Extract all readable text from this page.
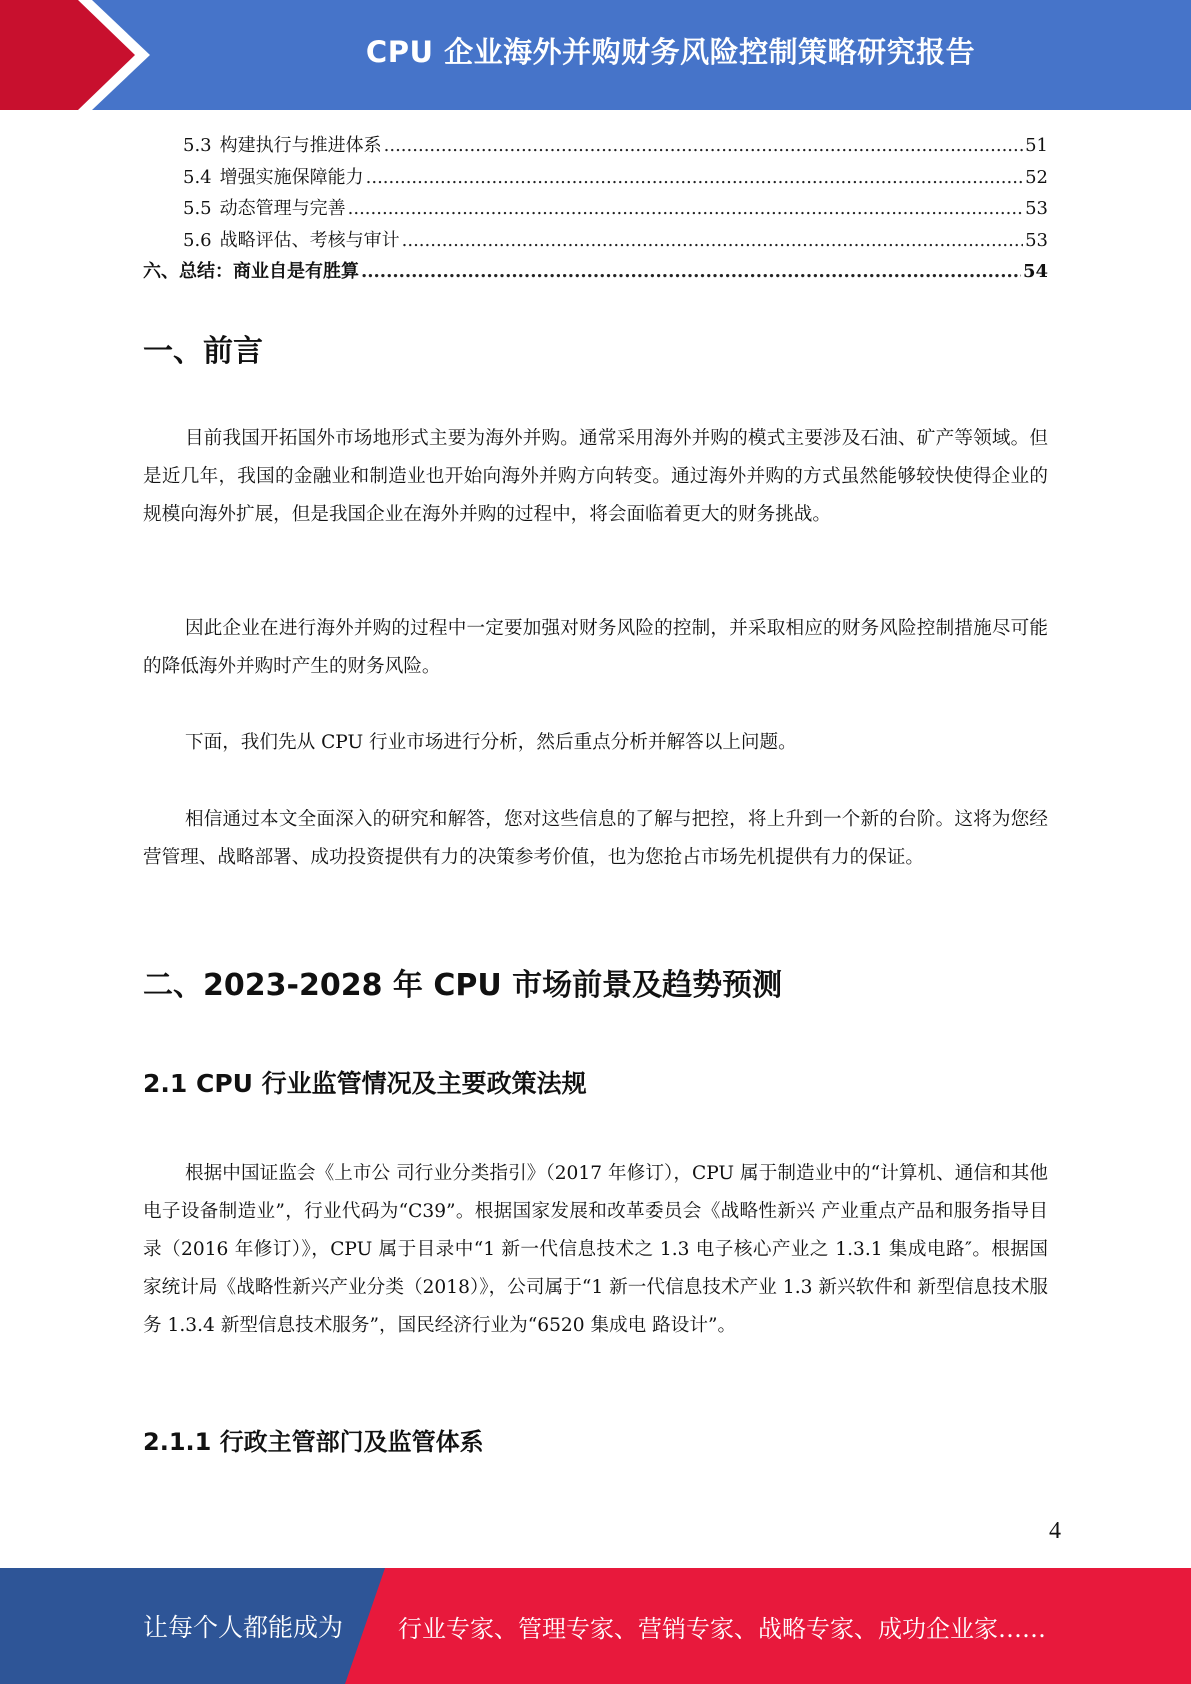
CPU 企业海外并购财务风险控制策略研究报告
5.3 构建执行与推进体系 .....	51
5.4 增强实施保障能力 .....	52
5.5 动态管理与完善 .....	53
5.6 战略评估、考核与审计 .....	53
六、总结：商业自是有胜算 .....	54
一、前言

目前我国开拓国外市场地形式主要为海外并购。通常采用海外并购的模式主要涉及石油、矿产等领域。但是近几年，我国的金融业和制造业也开始向海外并购方向转变。通过海外并购的方式虽然能够较快使得企业的规模向海外扩展，但是我国企业在海外并购的过程中，将会面临着更大的财务挑战。

因此企业在进行海外并购的过程中一定要加强对财务风险的控制，并采取相应的财务风险控制措施尽可能的降低海外并购时产生的财务风险。

下面，我们先从 CPU 行业市场进行分析，然后重点分析并解答以上问题。

相信通过本文全面深入的研究和解答，您对这些信息的了解与把控，将上升到一个新的台阶。这将为您经营管理、战略部署、成功投资提供有力的决策参考价值，也为您抢占市场先机提供有力的保证。

二、2023-2028 年 CPU 市场前景及趋势预测
2.1 CPU 行业监管情况及主要政策法规

根据中国证监会《上市公 司行业分类指引》（2017 年修订），CPU 属于制造业中的“计算机、通信和其他 电子设备制造业”，行业代码为“C39”。根据国家发展和改革委员会《战略性新兴 产业重点产品和服务指导目录（2016 年修订）》，CPU 属于目录中“1 新一代信息技术之 1.3 电子核心产业之 1.3.1 集成电路″。根据国家统计局《战略性新兴产业分类（2018）》，公司属于“1 新一代信息技术产业 1.3 新兴软件和 新型信息技术服务 1.3.4 新型信息技术服务”，国民经济行业为“6520 集成电 路设计”。

2.1.1 行政主管部门及监管体系
4
让每个人都能成为 行业专家、管理专家、营销专家、战略专家、成功企业家……
